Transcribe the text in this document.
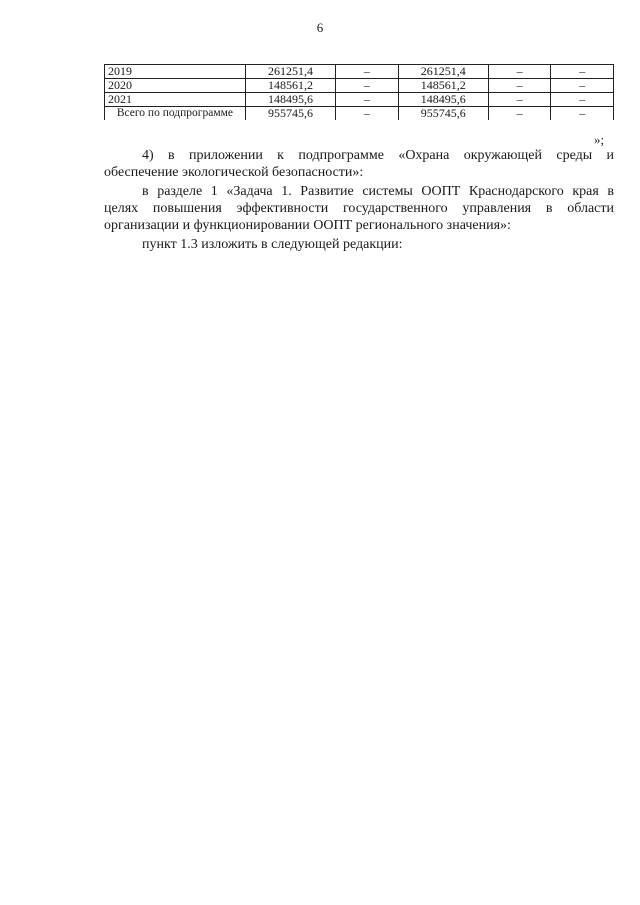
6
2019	261251,4	–	261251,4	–	–
2020	148561,2	–	148561,2	–	–
2021	148495,6	–	148495,6	–	–
Всего по подпрограмме	955745,6	–	955745,6	–	–
»;
4) в приложении к подпрограмме «Охрана окружающей среды и
обеспечение экологической безопасности»:
в разделе 1 «Задача 1. Развитие системы ООПТ Краснодарского края в
целях повышения эффективности государственного управления в области
организации и функционировании ООПТ регионального значения»:
пункт 1.3 изложить в следующей редакции:
